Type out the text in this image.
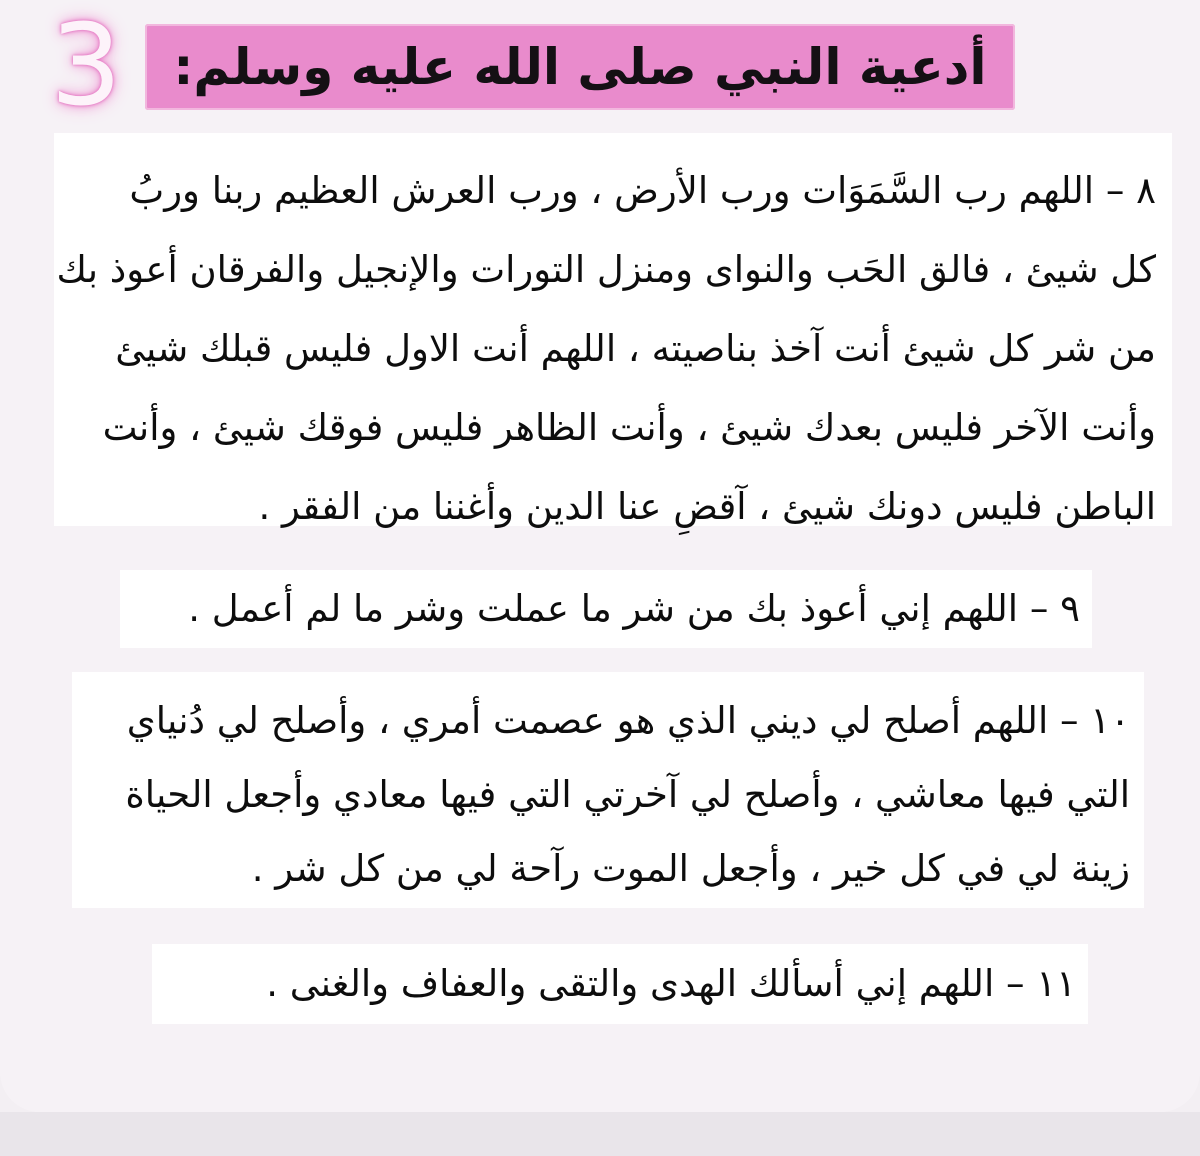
3 أدعية النبي صلى الله عليه وسلم:

٨ – اللهم رب السَّمَوَات ورب الأرض ، ورب العرش العظيم ربنا وربُ

كل شيئ ، فالق الحَب والنواى ومنزل التورات والإنجيل والفرقان أعوذ بك

من شر كل شيئ أنت آخذ بناصيته ، اللهم أنت الاول فليس قبلك شيئ

وأنت الآخر فليس بعدك شيئ ، وأنت الظاهر فليس فوقك شيئ ، وأنت

الباطن فليس دونك شيئ ، آقضِ عنا الدين وأغننا من الفقر .

٩ – اللهم إني أعوذ بك من شر ما عملت وشر ما لم أعمل .

١٠ – اللهم أصلح لي ديني الذي هو عصمت أمري ، وأصلح لي دُنياي

التي فيها معاشي ، وأصلح لي آخرتي التي فيها معادي وأجعل الحياة

زينة لي في كل خير ، وأجعل الموت رآحة لي من كل شر .

١١ – اللهم إني أسألك الهدى والتقى والعفاف والغنى .
